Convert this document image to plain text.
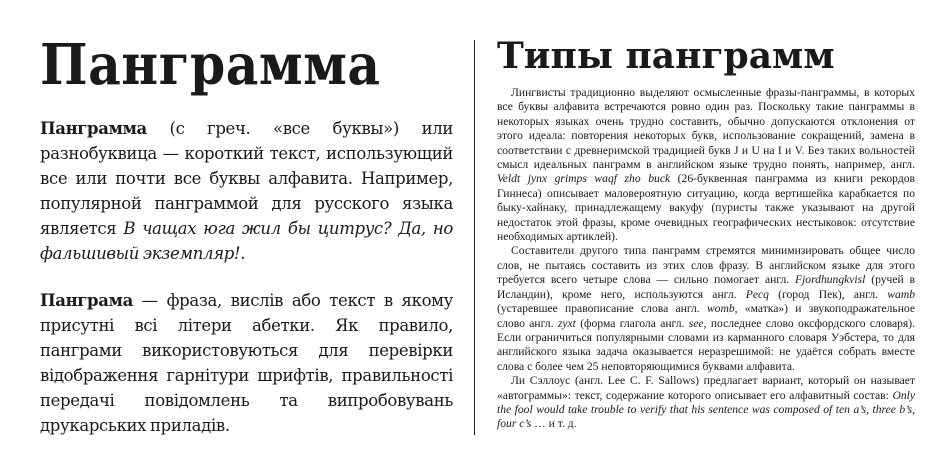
Панграмма

Панграмма (с греч. «все буквы») или разнобуквица — короткий текст, использующий все или почти все буквы алфавита. Например, популярной панграммой для русского языка является В чащах юга жил бы цитрус? Да, но фальшивый экземпляр!.

Панграма — фраза, вислів або текст в якому присутні всі літери абетки. Як правило, панграми використовуються для перевірки відображення гарнітури шрифтів, правильності передачі повідомлень та випробовувань друкарських приладів.

Типы панграмм

Лингвисты традиционно выделяют осмысленные фразы-панграммы, в которых все буквы алфавита встречаются ровно один раз. Поскольку такие панграммы в некоторых языках очень трудно составить, обычно допускаются отклонения от этого идеала: повторения некоторых букв, использование сокращений, замена в соответствии с древнеримской традицией букв J и U на I и V. Без таких вольностей смысл идеальных панграмм в английском языке трудно понять, например, англ. Veldt jynx grimps waqf zho buck (26-буквенная панграмма из книги рекордов Гиннеса) описывает маловероятную ситуацию, когда вертишейка карабкается по быку-хайнаку, принадлежащему вакуфу (пуристы также указывают на другой недостаток этой фразы, кроме очевидных географических нестыковок: отсутствие необходимых артиклей).

Составители другого типа панграмм стремятся минимизировать общее число слов, не пытаясь составить из этих слов фразу. В английском языке для этого требуется всего четыре слова — сильно помогает англ. Fjordhungkvisl (ручей в Исландии), кроме него, используются англ. Pecq (город Пек), англ. wamb (устаревшее правописание слова англ. womb, «матка») и звукоподражательное слово англ. zyxt (форма глагола англ. see, последнее слово оксфордского словаря). Если ограничиться популярными словами из карманного словаря Уэбстера, то для английского языка задача оказывается неразрешимой: не удаётся собрать вместе слова с более чем 25 неповторяющимися буквами алфавита.

Ли Сэллоус (англ. Lee C. F. Sallows) предлагает вариант, который он называет «автограммы»: текст, содержание которого описывает его алфавитный состав: Only the fool would take trouble to verify that his sentence was composed of ten a’s, three b’s, four c’s … и т. д.
